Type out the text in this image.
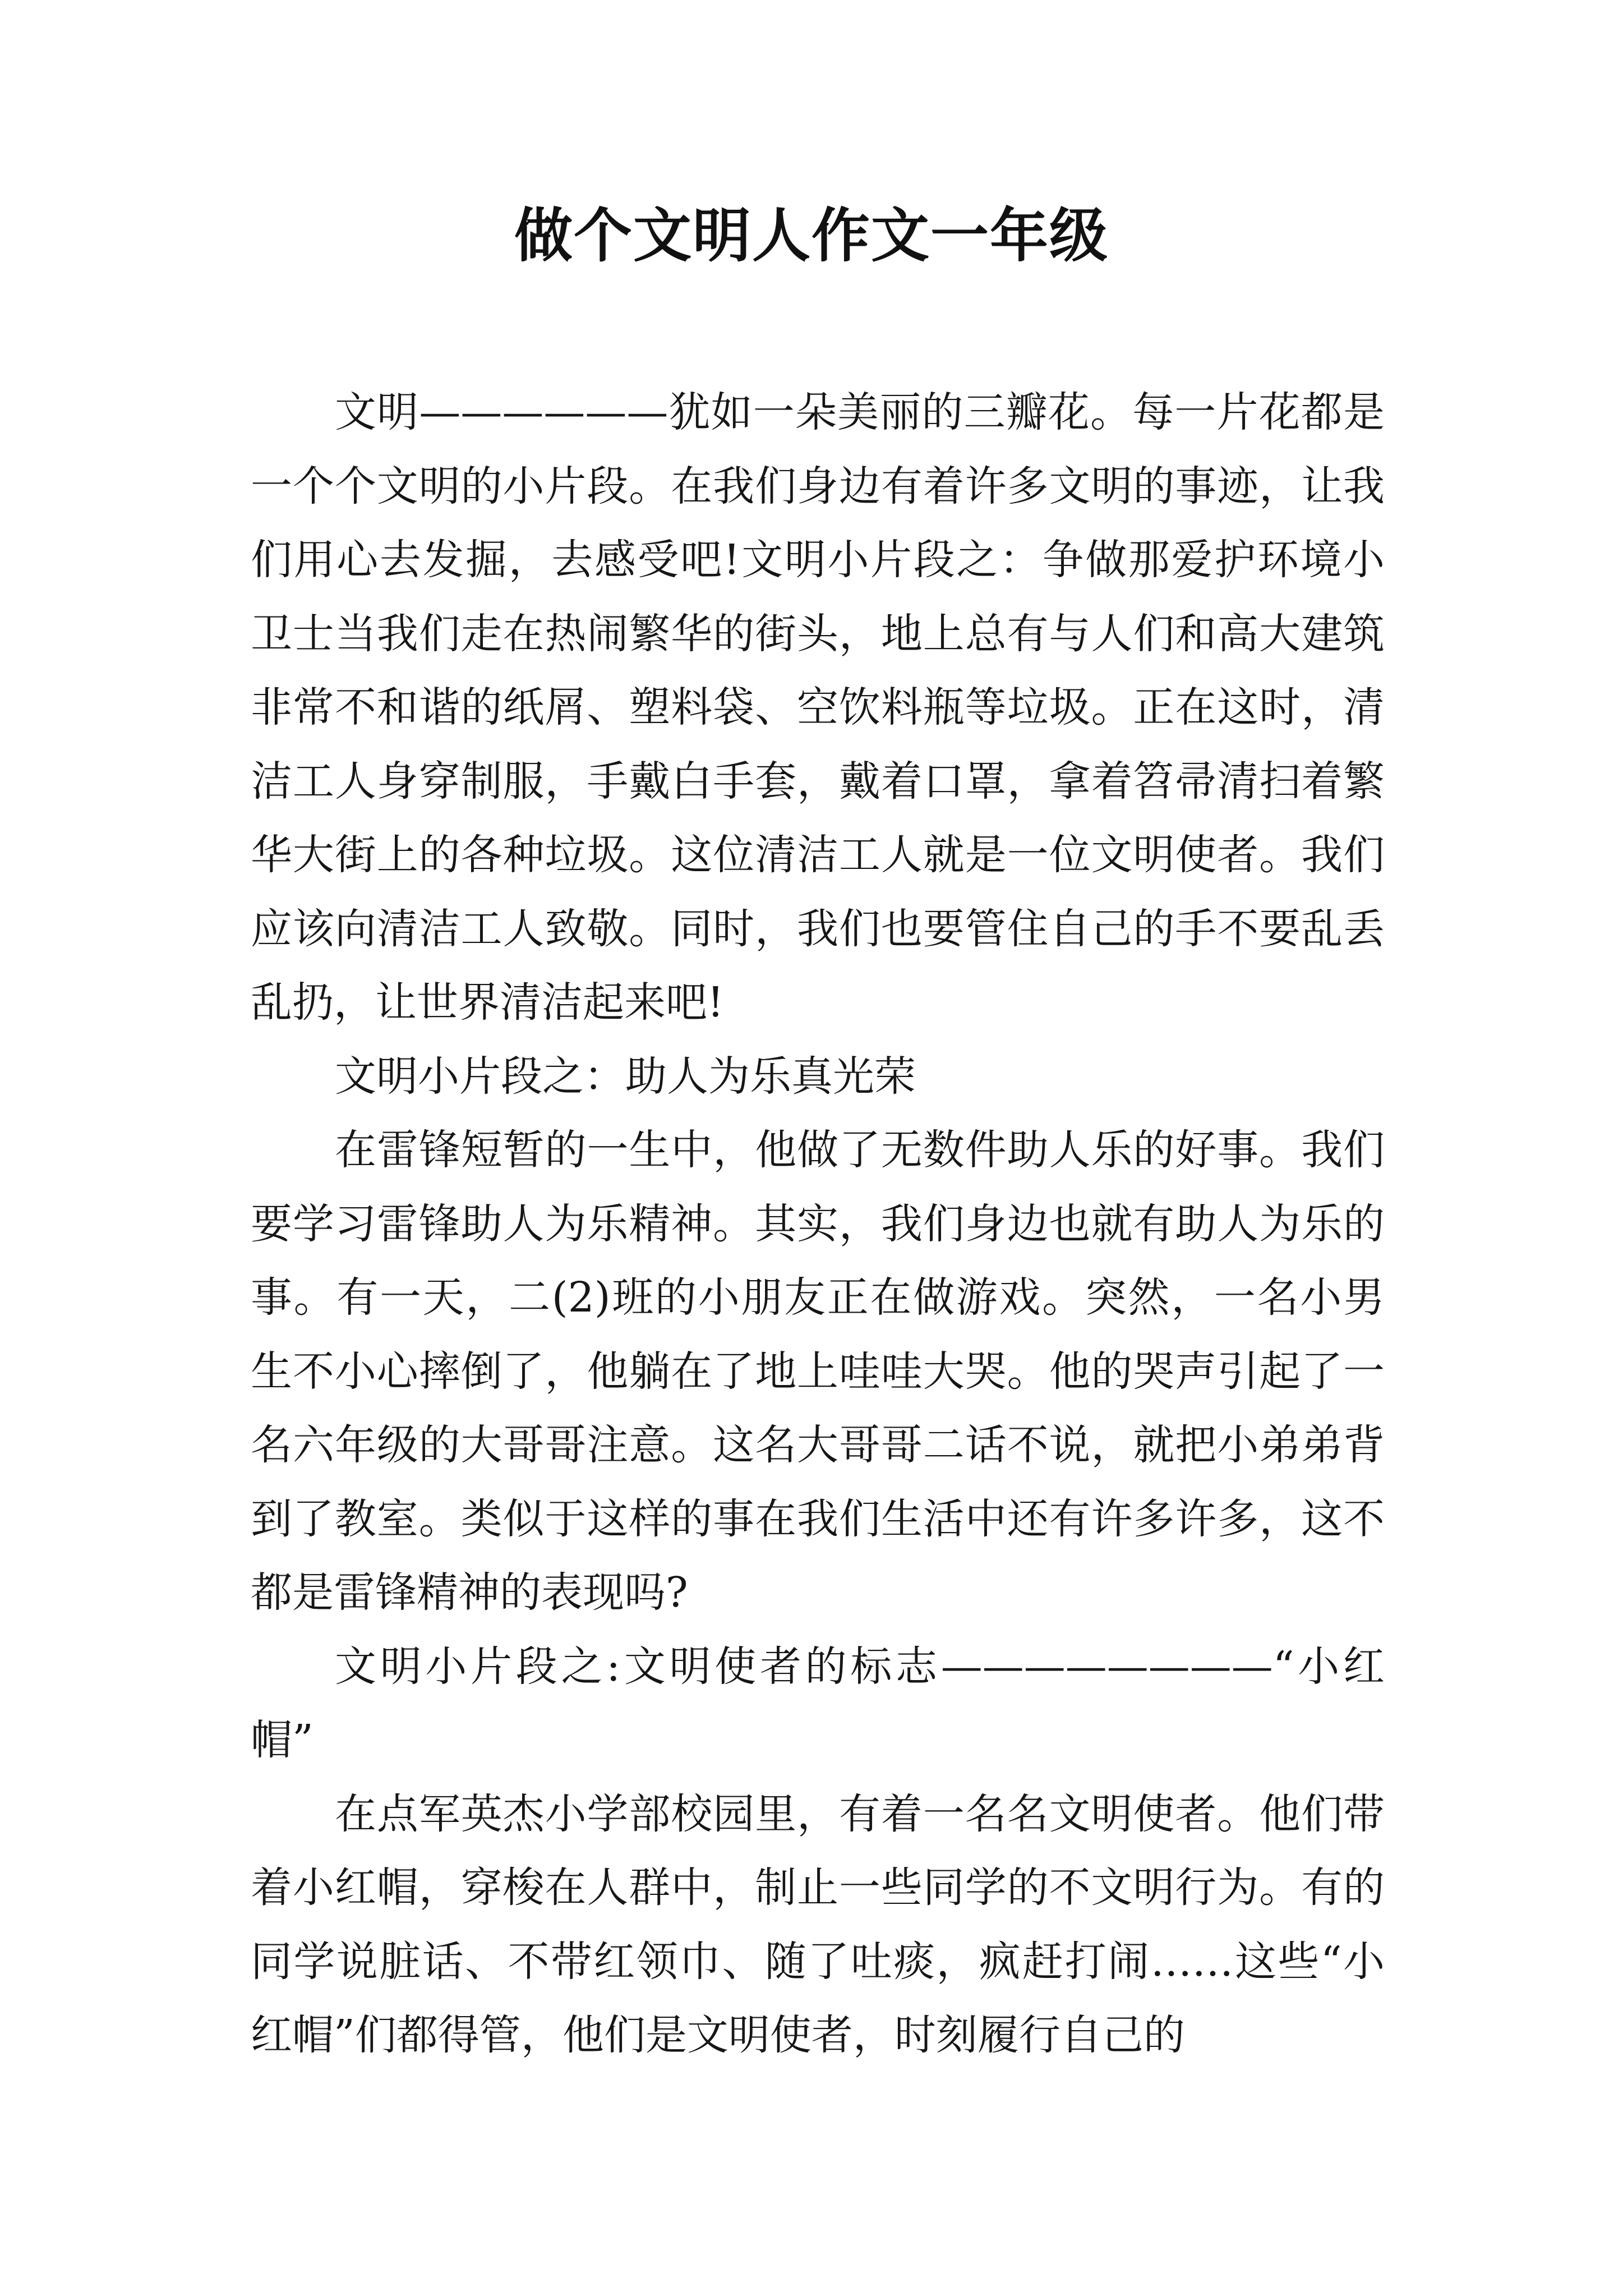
做个文明人作文一年级

文明——————犹如一朵美丽的三瓣花。每一片花都是一个个文明的小片段。在我们身边有着许多文明的事迹，让我们用心去发掘，去感受吧!文明小片段之：争做那爱护环境小卫士当我们走在热闹繁华的街头，地上总有与人们和高大建筑非常不和谐的纸屑、塑料袋、空饮料瓶等垃圾。正在这时，清洁工人身穿制服，手戴白手套，戴着口罩，拿着笤帚清扫着繁华大街上的各种垃圾。这位清洁工人就是一位文明使者。我们应该向清洁工人致敬。同时，我们也要管住自己的手不要乱丢乱扔，让世界清洁起来吧!

文明小片段之：助人为乐真光荣

在雷锋短暂的一生中，他做了无数件助人乐的好事。我们要学习雷锋助人为乐精神。其实，我们身边也就有助人为乐的事。有一天，二(2)班的小朋友正在做游戏。突然，一名小男生不小心摔倒了，他躺在了地上哇哇大哭。他的哭声引起了一名六年级的大哥哥注意。这名大哥哥二话不说，就把小弟弟背到了教室。类似于这样的事在我们生活中还有许多许多，这不都是雷锋精神的表现吗?

文明小片段之:文明使者的标志————————“小红帽”

在点军英杰小学部校园里，有着一名名文明使者。他们带着小红帽，穿梭在人群中，制止一些同学的不文明行为。有的同学说脏话、不带红领巾、随了吐痰，疯赶打闹……这些“小红帽”们都得管，他们是文明使者，时刻履行自己的
